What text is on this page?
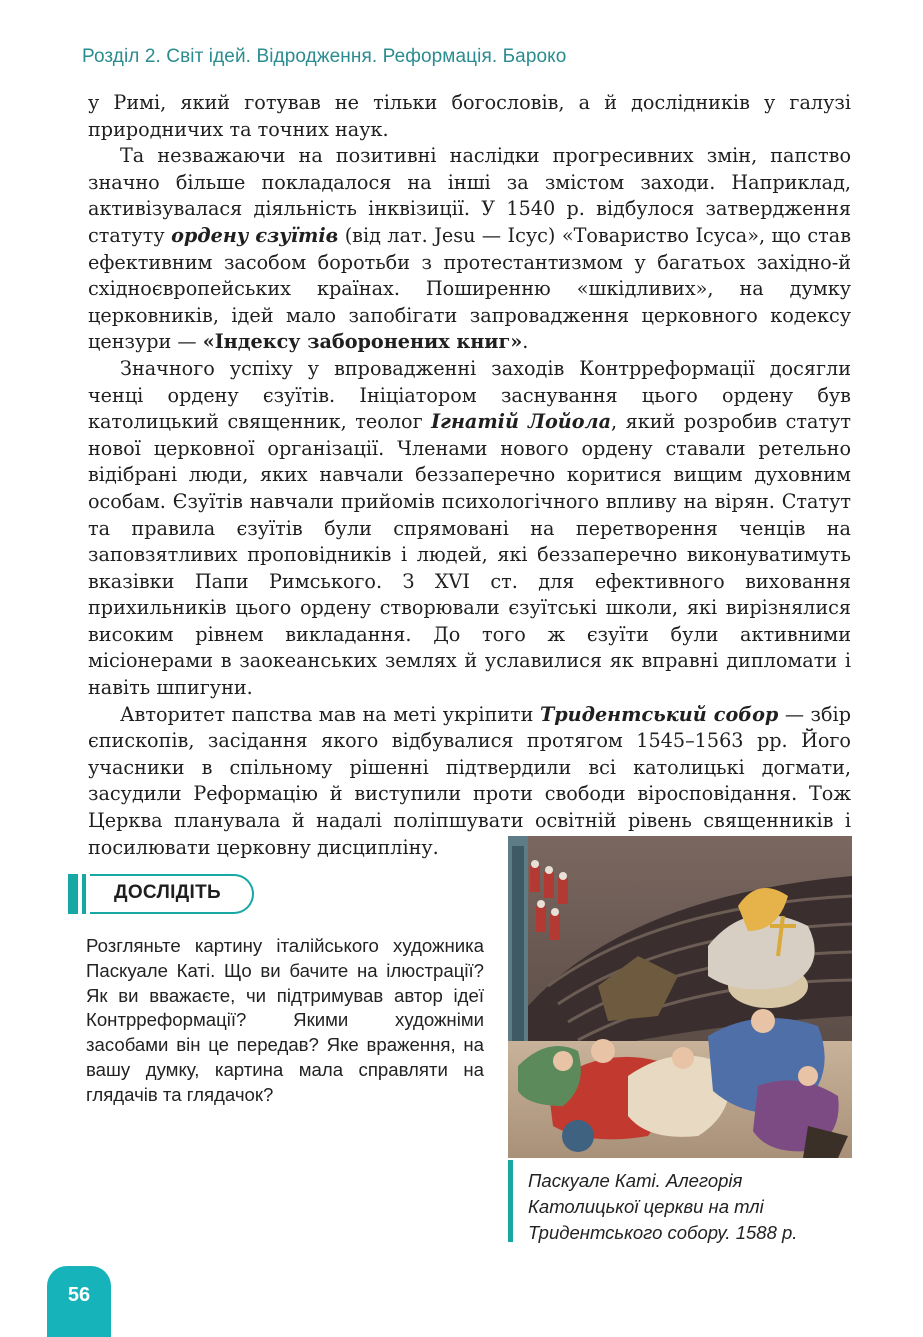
Розділ 2. Світ ідей. Відродження. Реформація. Бароко

у Римі, який готував не тільки богословів, а й дослідників у галузі природничих та точних наук.

Та незважаючи на позитивні наслідки прогресивних змін, папство значно більше покладалося на інші за змістом заходи. Наприклад, активізувалася діяльність інквізиції. У 1540 р. відбулося затвердження статуту ордену єзуїтів (від лат. Jesu — Ісус) «Товариство Ісуса», що став ефективним засобом боротьби з протестантизмом у багатьох західно-й східноєвропейських країнах. Поширенню «шкідливих», на думку церковників, ідей мало запобігати запровадження церковного кодексу цензури — «Індексу заборонених книг».

Значного успіху у впровадженні заходів Контрреформації досягли ченці ордену єзуїтів. Ініціатором заснування цього ордену був католицький священник, теолог Ігнатій Лойола, який розробив статут нової церковної організації. Членами нового ордену ставали ретельно відібрані люди, яких навчали беззаперечно коритися вищим духовним особам. Єзуїтів навчали прийомів психологічного впливу на вірян. Статут та правила єзуїтів були спрямовані на перетворення ченців на заповзятливих проповідників і людей, які беззаперечно виконуватимуть вказівки Папи Римського. З XVI ст. для ефективного виховання прихильників цього ордену створювали єзуїтські школи, які вирізнялися високим рівнем викладання. До того ж єзуїти були активними місіонерами в заокеанських землях й уславилися як вправні дипломати і навіть шпигуни.

Авторитет папства мав на меті укріпити Тридентський собор — збір єпископів, засідання якого відбувалися протягом 1545–1563 рр. Його учасники в спільному рішенні підтвердили всі католицькі догмати, засудили Реформацію й виступили проти свободи віросповідання. Тож Церква планувала й надалі поліпшувати освітній рівень священників і посилювати церковну дисципліну.

ДОСЛІДІТЬ
Розгляньте картину італійського художника Паскуале Каті. Що ви бачите на ілюстрації? Як ви вважаєте, чи підтримував автор ідеї Контрреформації? Якими художніми засобами він це передав? Яке враження, на вашу думку, картина мала справляти на глядачів та глядачок?
Паскуале Каті. Алегорія Католицької церкви на тлі Тридентського собору. 1588 р.
56
